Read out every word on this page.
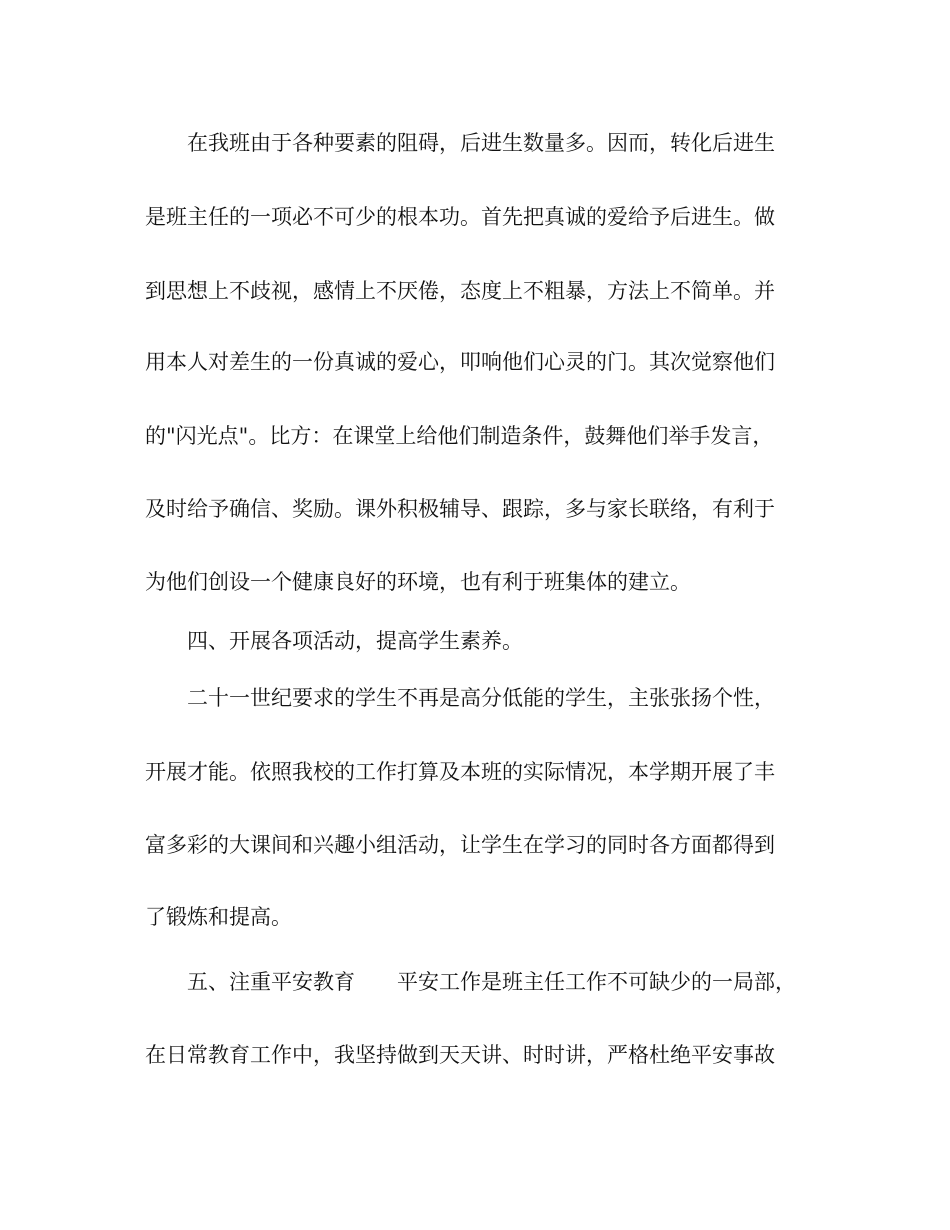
在我班由于各种要素的阻碍，后进生数量多。因而，转化后进生
是班主任的一项必不可少的根本功。首先把真诚的爱给予后进生。做
到思想上不歧视，感情上不厌倦，态度上不粗暴，方法上不简单。并
用本人对差生的一份真诚的爱心，叩响他们心灵的门。其次觉察他们
的"闪光点"。比方：在课堂上给他们制造条件，鼓舞他们举手发言，
及时给予确信、奖励。课外积极辅导、跟踪，多与家长联络，有利于
为他们创设一个健康良好的环境，也有利于班集体的建立。
四、开展各项活动，提高学生素养。
二十一世纪要求的学生不再是高分低能的学生，主张张扬个性，
开展才能。依照我校的工作打算及本班的实际情况，本学期开展了丰
富多彩的大课间和兴趣小组活动，让学生在学习的同时各方面都得到
了锻炼和提高。
五、注重平安教育　　平安工作是班主任工作不可缺少的一局部，
在日常教育工作中，我坚持做到天天讲、时时讲，严格杜绝平安事故
